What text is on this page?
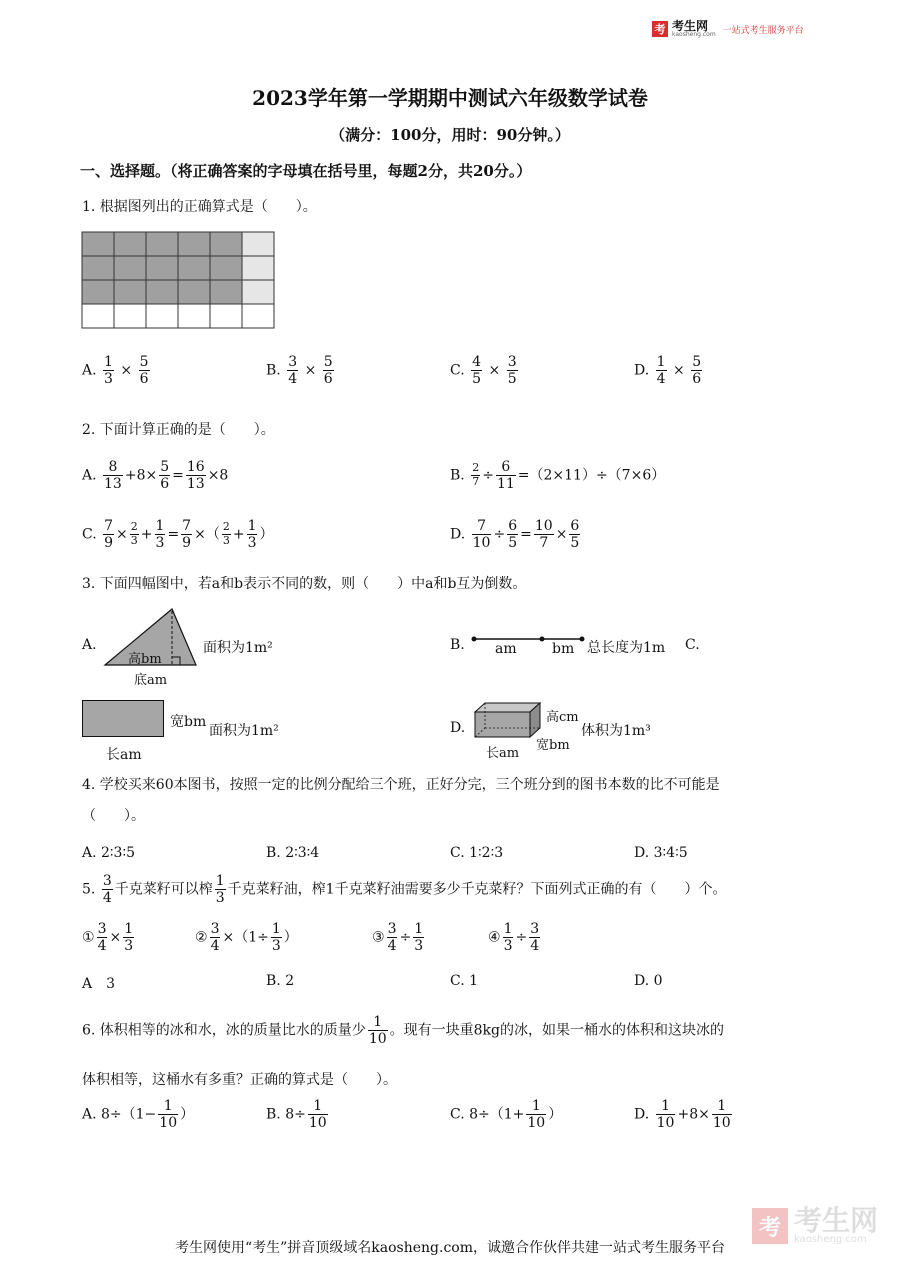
考 考生网
kaosheng.com 一站式考生服务平台
2023学年第一学期期中测试六年级数学试卷
（满分：100分，用时：90分钟。）
一、选择题。（将正确答案的字母填在括号里，每题2分，共20分。）
1. 根据图列出的正确算式是（　　）。
A. $\frac{1}{3} \times \frac{5}{6}$	B. $\frac{3}{4} \times \frac{5}{6}$	C. $\frac{4}{5} \times \frac{3}{5}$	D. $\frac{1}{4} \times \frac{5}{6}$
2. 下面计算正确的是（　　）。
A. $\frac{8}{13} +8\times \frac{5}{6} = \frac{16}{13} \times 8$	B. $\frac{2}{7} \div \frac{6}{11} =(2\times 11)\div(7\times 6)$
C. $\frac{7}{9} \times \frac{2}{3} + \frac{1}{3} = \frac{7}{9}$ ×（ $\frac{2}{3} + \frac{1}{3}$ ）	D. $\frac{7}{10} \div \frac{6}{5} = \frac{10}{7} \times \frac{6}{5}$
3. 下面四幅图中，若a和b表示不同的数，则（　　）中a和b互为倒数。
A.
高bm
底am
面积为1m²	B. am	bm 总长度为1m C.
宽bm
面积为1m²
长am
D.
高cm
宽bm
长am
体积为1m³
4. 学校买来60本图书，按照一定的比例分配给三个班，正好分完，三个班分到的图书本数的比不可能是
（　　）。
A. 2∶3∶5	B. 2∶3∶4	C. 1∶2∶3	D. 3∶4∶5
5. $\frac{3}{4}$ 千克菜籽可以榨 $\frac{1}{3}$ 千克菜籽油，榨1千克菜籽油需要多少千克菜籽？下面列式正确的有（　　）个。
① $\frac{3}{4} \times \frac{1}{3}$	② $\frac{3}{4} \times(1\div \frac{1}{3}$ ）	③ $\frac{3}{4} \div \frac{1}{3}$	④ $\frac{1}{3} \div \frac{3}{4}$
A　3	B. 2	C. 1	D. 0
6. 体积相等的冰和水，冰的质量比水的质量少 $\frac{1}{10}$ 。现有一块重8kg的冰，如果一桶水的体积和这块冰的
体积相等，这桶水有多重？正确的算式是（　　）。
A. $8\div(1- \frac{1}{10}$ ）	B. $8\div \frac{1}{10}$	C. $8\div(1+ \frac{1}{10}$ ）	D. $\frac{1}{10} +8\times \frac{1}{10}$
考 考生网
kaosheng.com
考生网使用“考生”拼音顶级域名kaosheng.com，诚邀合作伙伴共建一站式考生服务平台
